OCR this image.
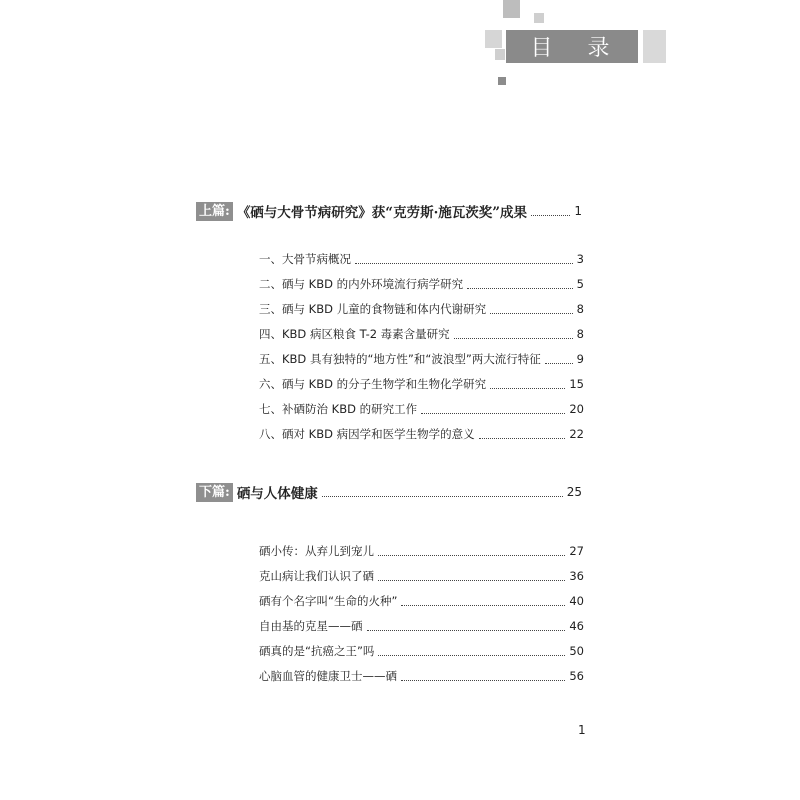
目 录
上篇: 《硒与大骨节病研究》获“克劳斯·施瓦茨奖”成果	1
一、大骨节病概况	3
二、硒与 KBD 的内外环境流行病学研究	5
三、硒与 KBD 儿童的食物链和体内代谢研究	8
四、KBD 病区粮食 T-2 毒素含量研究	8
五、KBD 具有独特的“地方性”和“波浪型”两大流行特征	9
六、硒与 KBD 的分子生物学和生物化学研究	15
七、补硒防治 KBD 的研究工作	20
八、硒对 KBD 病因学和医学生物学的意义	22
下篇: 硒与人体健康	25
硒小传：从弃儿到宠儿	27
克山病让我们认识了硒	36
硒有个名字叫“生命的火种”	40
自由基的克星——硒	46
硒真的是“抗癌之王”吗	50
心脑血管的健康卫士——硒	56
1
